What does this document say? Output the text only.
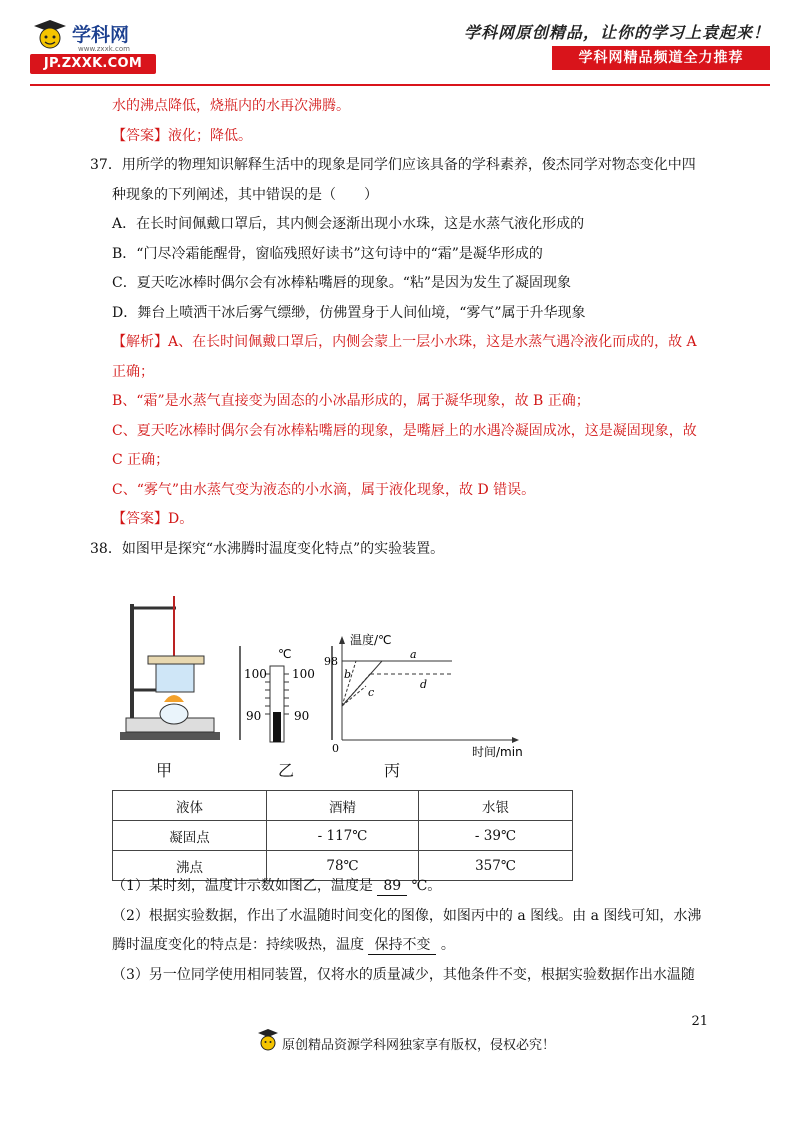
学科网
www.zxxk.com
JP.ZXXK.COM
学科网原创精品，让你的学习上袁起来！
学科网精品频道全力推荐
水的沸点降低，烧瓶内的水再次沸腾。
【答案】液化；降低。
37．用所学的物理知识解释生活中的现象是同学们应该具备的学科素养，俊杰同学对物态变化中四
种现象的下列阐述，其中错误的是（　　）
A．在长时间佩戴口罩后，其内侧会逐渐出现小水珠，这是水蒸气液化形成的
B．“门尽冷霜能醒骨，窗临残照好读书”这句诗中的“霜”是凝华形成的
C．夏天吃冰棒时偶尔会有冰棒粘嘴唇的现象。“粘”是因为发生了凝固现象
D．舞台上喷洒干冰后雾气缥缈，仿佛置身于人间仙境，“雾气”属于升华现象
【解析】A、在长时间佩戴口罩后，内侧会蒙上一层小水珠，这是水蒸气遇冷液化而成的，故 A
正确；
B、“霜”是水蒸气直接变为固态的小冰晶形成的，属于凝华现象，故 B 正确；
C、夏天吃冰棒时偶尔会有冰棒粘嘴唇的现象，是嘴唇上的水遇冷凝固成冰，这是凝固现象，故
C 正确；
C、“雾气”由水蒸气变为液态的小水滴，属于液化现象，故 D 错误。
【答案】D。
38．如图甲是探究“水沸腾时温度变化特点”的实验装置。
℃
100 100
90	90
温度/℃
时间/min
98
0
a
b
c
d
甲	乙	丙
液体	酒精	水银
凝固点	- 117℃	- 39℃
沸点	78℃	357℃
（1）某时刻，温度计示数如图乙，温度是 89 ℃。
（2）根据实验数据，作出了水温随时间变化的图像，如图丙中的 a 图线。由 a 图线可知，水沸
腾时温度变化的特点是：持续吸热，温度 保持不变 。
（3）另一位同学使用相同装置，仅将水的质量减少，其他条件不变，根据实验数据作出水温随
21
原创精品资源学科网独家享有版权，侵权必究！
